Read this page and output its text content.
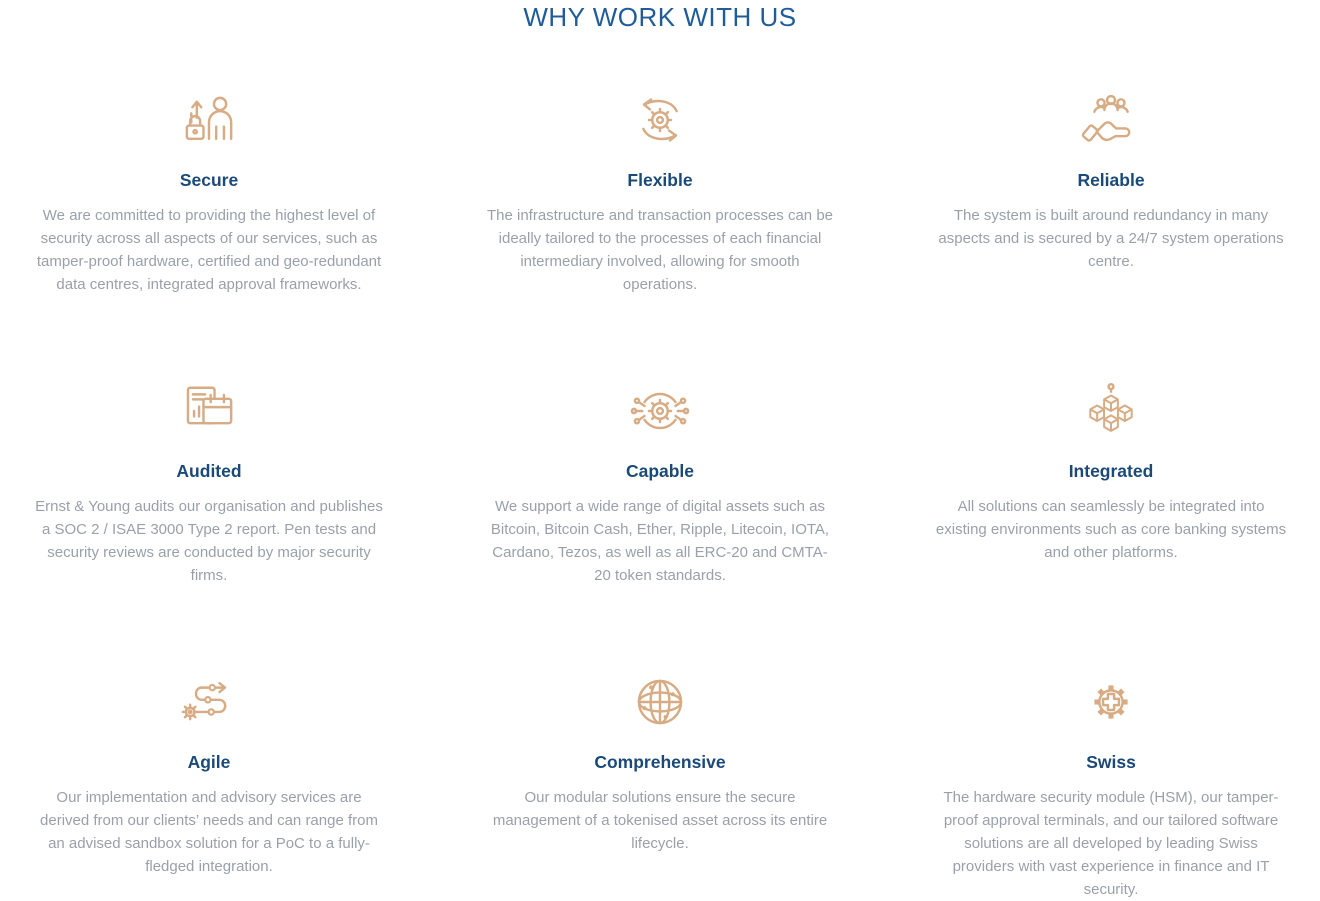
WHY WORK WITH US
Secure

We are committed to providing the highest level of security across all aspects of our services, such as tamper-proof hardware, certified and geo-redundant data centres, integrated approval frameworks.

Flexible

The infrastructure and transaction processes can be ideally tailored to the processes of each financial intermediary involved, allowing for smooth operations.

Reliable

The system is built around redundancy in many aspects and is secured by a 24/7 system operations centre.

Audited

Ernst & Young audits our organisation and publishes a SOC 2 / ISAE 3000 Type 2 report. Pen tests and security reviews are conducted by major security firms.

Capable

We support a wide range of digital assets such as Bitcoin, Bitcoin Cash, Ether, Ripple, Litecoin, IOTA, Cardano, Tezos, as well as all ERC-20 and CMTA-20 token standards.

Integrated

All solutions can seamlessly be integrated into existing environments such as core banking systems and other platforms.

Agile

Our implementation and advisory services are derived from our clients’ needs and can range from an advised sandbox solution for a PoC to a fully-fledged integration.

Comprehensive

Our modular solutions ensure the secure management of a tokenised asset across its entire lifecycle.

Swiss

The hardware security module (HSM), our tamper-proof approval terminals, and our tailored software solutions are all developed by leading Swiss providers with vast experience in finance and IT security.
